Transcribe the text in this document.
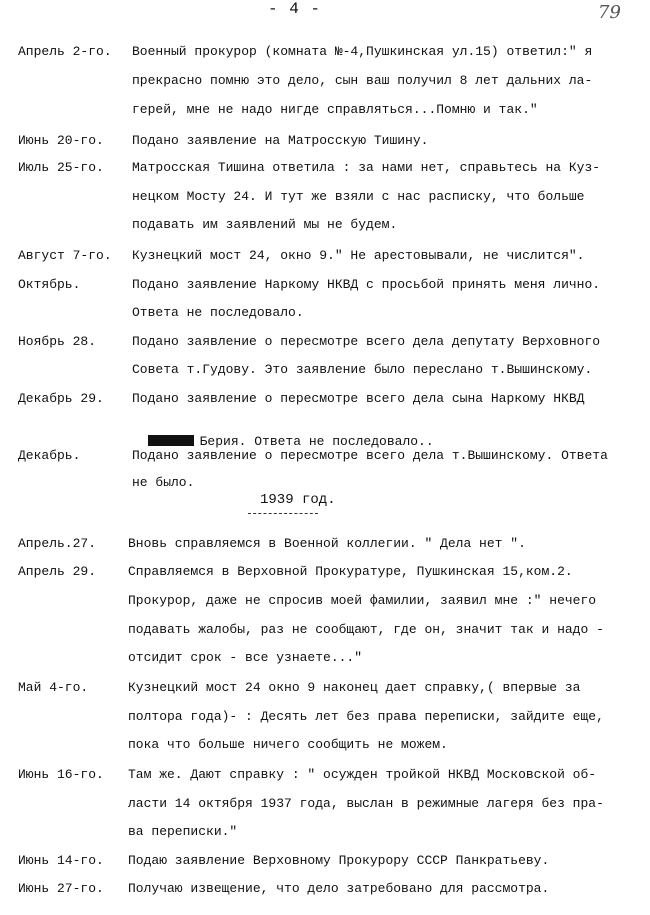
- 4 -	79
Апрель 2-го. Военный прокурор (комната №-4,Пушкинская ул.15) ответил:" я
прекрасно помню это дело, сын ваш получил 8 лет дальних ла-
герей, мне не надо нигде справляться...Помню и так."
Июнь 20-го. Подано заявление на Матросскую Тишину.
Июль 25-го. Матросская Тишина ответила : за нами нет, справьтесь на Куз-
нецком Мосту 24. И тут же взяли с нас расписку, что больше
подавать им заявлений мы не будем.
Август 7-го. Кузнецкий мост 24, окно 9." Не арестовывали, не числится".
Октябрь.	Подано заявление Наркому НКВД с просьбой принять меня лично.
Ответа не последовало.
Ноябрь 28.	Подано заявление о пересмотре всего дела депутату Верховного
Совета т.Гудову. Это заявление было переслано т.Вышинскому.
Декабрь 29. Подано заявление о пересмотре всего дела сына Наркому НКВД

Берия. Ответа не последовало..

Декабрь.	Подано заявление о пересмотре всего дела т.Вышинскому. Ответа
не было.
1939 год.
Апрель.27. Вновь справляемся в Военной коллегии. " Дела нет ".
Апрель 29. Справляемся в Верховной Прокуратуре, Пушкинская 15,ком.2.
Прокурор, даже не спросив моей фамилии, заявил мне :" нечего
подавать жалобы, раз не сообщают, где он, значит так и надо -
отсидит срок - все узнаете..."
Май 4-го.	Кузнецкий мост 24 окно 9 наконец дает справку,( впервые за
полтора года)- : Десять лет без права переписки, зайдите еще,
пока что больше ничего сообщить не можем.
Июнь 16-го. Там же. Дают справку : " осужден тройкой НКВД Московской об-
ласти 14 октября 1937 года, выслан в режимные лагеря без пра-
ва переписки."
Июнь 14-го. Подаю заявление Верховному Прокурору СССР Панкратьеву.
Июнь 27-го. Получаю извещение, что дело затребовано для рассмотра.
